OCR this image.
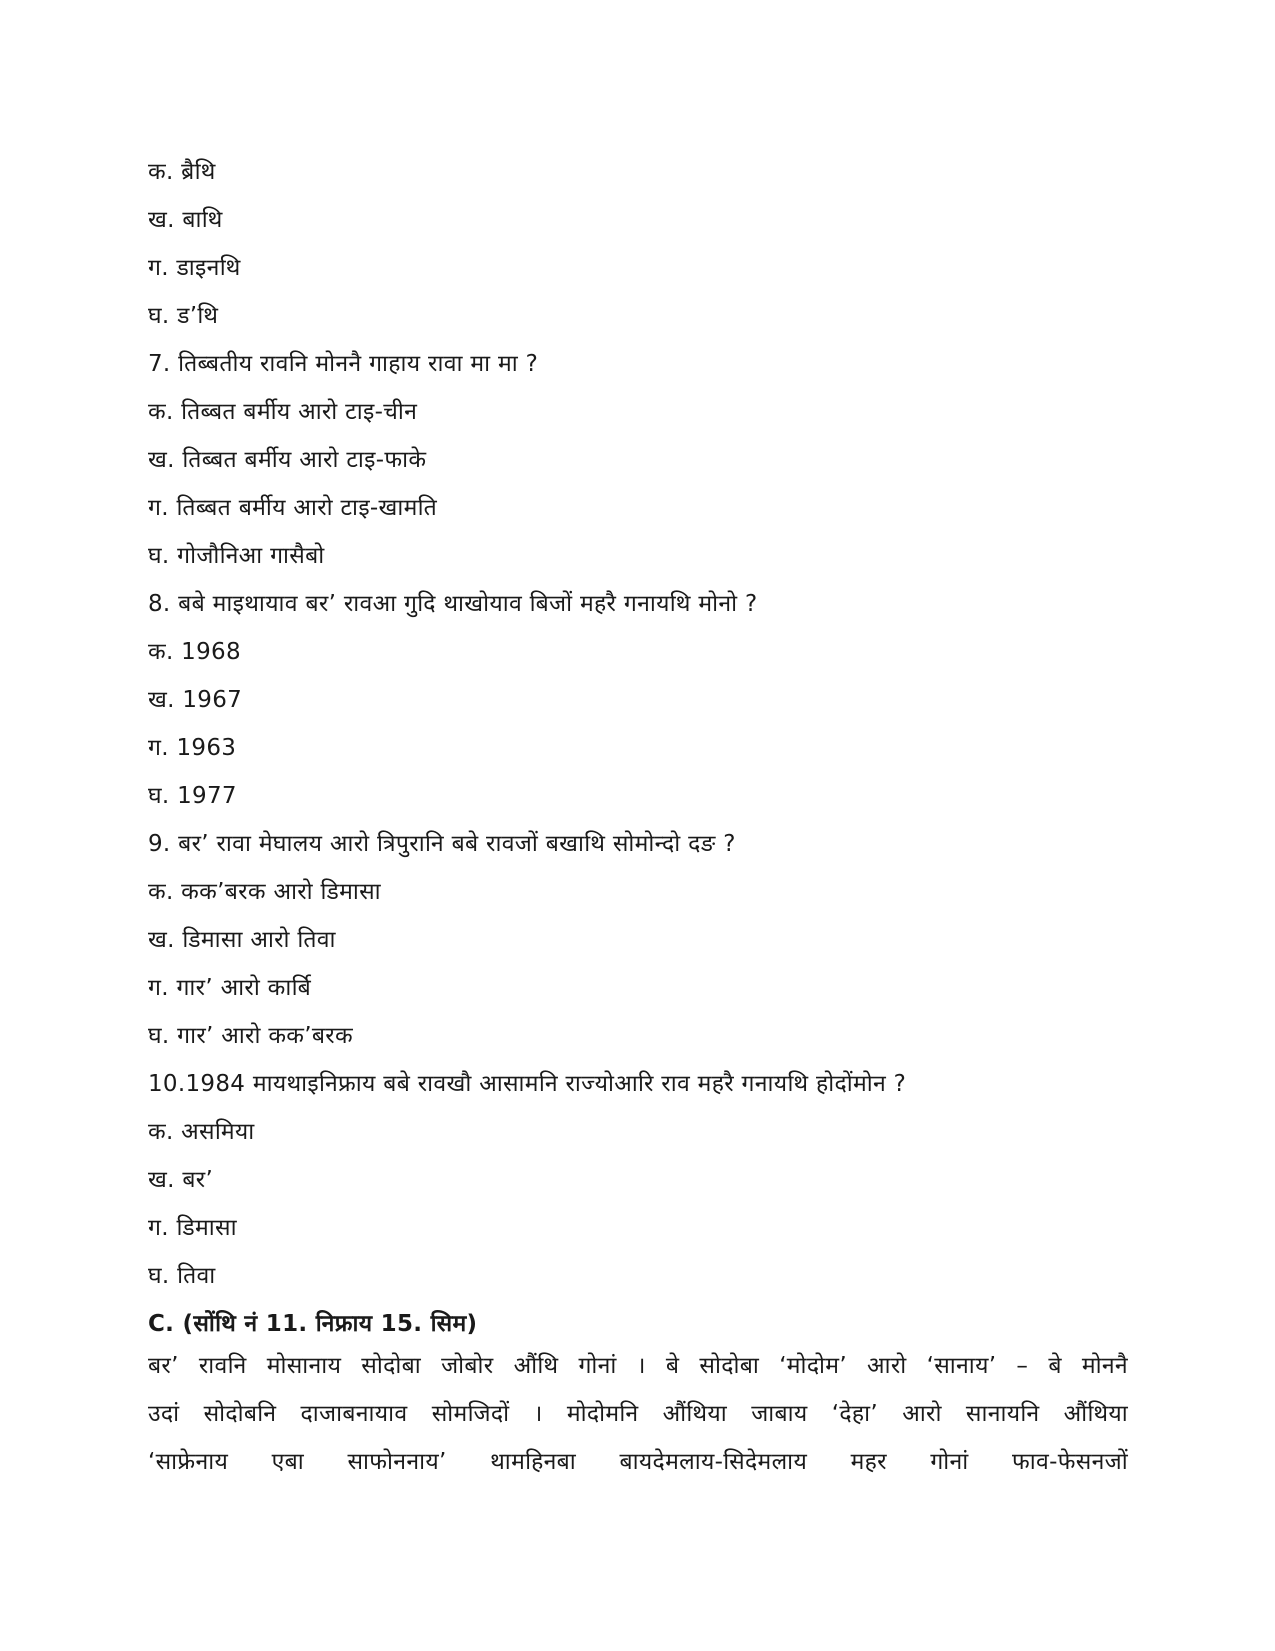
क. ब्रैथि
ख. बाथि
ग. डाइनथि
घ. ड’थि
7. तिब्बतीय रावनि मोननै गाहाय रावा मा मा ?
क. तिब्बत बर्मीय आरो टाइ-चीन
ख. तिब्बत बर्मीय आरो टाइ-फाके
ग. तिब्बत बर्मीय आरो टाइ-खामति
घ. गोजौनिआ गासैबो
8. बबे माइथायाव बर’ रावआ गुदि थाखोयाव बिजों महरै गनायथि मोनो ?
क. 1968
ख. 1967
ग. 1963
घ. 1977
9. बर’ रावा मेघालय आरो त्रिपुरानि बबे रावजों बखाथि सोमोन्दो दङ ?
क. कक’बरक आरो डिमासा
ख. डिमासा आरो तिवा
ग. गार’ आरो कार्बि
घ. गार’ आरो कक’बरक
10.1984 मायथाइनिफ्राय बबे रावखौ आसामनि राज्योआरि राव महरै गनायथि होदोंमोन ?
क. असमिया
ख. बर’
ग. डिमासा
घ. तिवा
C. (सोंथि नं 11. निफ्राय 15. सिम)
बर’ रावनि मोसानाय सोदोबा जोबोर औंथि गोनां । बे सोदोबा ‘मोदोम’ आरो ‘सानाय’ – बे मोननै
उदां सोदोबनि दाजाबनायाव सोमजिदों । मोदोमनि औंथिया जाबाय ‘देहा’ आरो सानायनि औंथिया
‘साफ्रेनाय एबा साफोननाय’ थामहिनबा बायदेमलाय-सिदेमलाय महर गोनां फाव-फेसनजों
